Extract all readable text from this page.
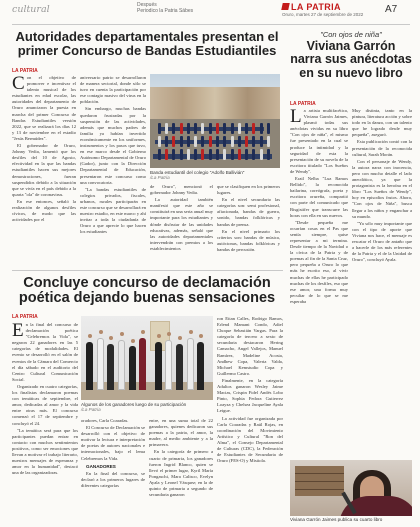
cultural	Después
Periodico la Patria Sábes	LA PATRIA
Oruro, martes 27 de septiembre de 2022 A7
Autoridades departamentales presentan el primer Concurso de Bandas Estudiantiles
LA PATRIA

Con el objetivo de promover e incentivar el talento musical de los estudiantes en edad escolar, las autoridades del departamento de Oruro anunciaron la puesta en marcha del primer Concurso de Bandas Estudiantiles versión 2022, que se realizará los días 12 y 13 de noviembre en el estadio "Jesús Bermúdez".

El gobernador de Oruro, Johnny Vedia, lamentó que los desfiles del 10 de Agosto, efectividad en la que las bandas estudiantiles hacen sus mejores demostraciones, fueran suspendidos debido a la situación que se vivía en el país debido a la quarta "ola" de coronavirus.

En ese entonces, señaló la realización de algunos desfiles cívicos, de modo que las actividades por el

aniversario patrio se desarrollaron de manera sectorial, donde sólo se tuvo en cuenta la participación por ese contagio masivo del virus en la población.

Sin embargo, muchas bandas quedaron frustradas por la suspensión de las actividades, además que muchos padres de familia ya habían invertido económicamente en los uniformes, instrumentos y los pasos que tuvo, en ese marco desde el Gobierno Autónomo Departamental de Oruro (Gador), junto con la Dirección Departamental de Educación, presentaron este concurso como una convocatoria.

"La bandas estudiantiles de colegios privados, fiscales, urbanos, rurales participarán en este concurso que se desarrollará en nuestro estadio, en este marco y ahí invitar a toda la ciudadanía de Oruro a que aprecie lo que hacen los estudiantes

Banda estudiantil del colegio "Adolfo Ballivián"
/La Patria

de Oruro", mencionó el gobernador Johnny Vedia.

La autoridad también manifestó que este año se constituirá en una seria anual muy importante para los estudiantes y dónde disfrutar de las unidades educativas, además, señaló que las autoridades departamentales intervendrán con premios a los establecimientos

que se clasifiquen en los primeros lugares.

En el nivel secundario las categorías son: semi profesional, afiacionada, bandas de guerra, sonido, bandas folklóricas y bandas de prensa.

En el nivel primario los criterios son: bandas de música, autóctonas, bandas folklóricas y bandas de percusión.

Concluye concurso de declamación poética dejando buenas sensaciones
LA PATRIA

En la final del concurso de declamación poética "Celebremos la Vida", se negaron 22 ganadores en las 5 categorías de modalidades. El evento se desarrolló en el salón de eventos de la Cámara del Comercio el día sábado en el auditorio del Centro Cultural Comunicación Social.

Organizado en cuatro categorías, los finalistas declamaron poemas con temáticas de septiembre, el amor, dedicadas al amor y la vida entre otras más. El concurso comenzó el 17 de septiembre y concluyó el 24.

"La temática será para que los participantes puedan entrar en contacto con muchos sentimientos positivos, como ser emociones que llevan a motivar el trabajo literario, nuestros mensajes de esperanza y amor en la humanidad", destacó una de las organizadoras.

Algunos de los ganadores luego de su participación
/La Patria

oradores, Carla Coaradas.

El Concurso de Declamación se desarrolló con el objetivo de motivar la lectura e interpretación de poetas de autores nacionales e internacionales, bajo el lema Celebremos la Vida.

GANADORES

En la final del concurso, se declaró a los primeros lugares de diferentes categorías

entre, en una suma total de 22 ganadores, quienes dedicaron sus poemas a la patria, el amor, la madre, al medio ambiente y a la primavera.

En la categoría de primero a cuarto de primaria, los ganadores fueron Ingrid Blanco, quien se llevó el primer lugar, Kyril María Pongaschi, Mara Calisco, Evelyn Ayala y Leonel Vásquez; en la de quinto de primaria a segundo de secundaria ganaron

ron Eitan Calles, Rodrigo Ramos, Erlend Mamani Condo, Adiel Choque Sebastián Vargas. Para la categoría de tercero a sexto de secundaria destacaron Hering Camacho, Angel Vallejos, Manuel Ramírez, Madeline Acosta, Andhew Copa, Valeria Valda, Michael Kemstudio Copa y Guillermo Castro.

Finalmente, en la categoría Adultos ganaron Wesley Jaime Macias, Crispin Fidel Andés Lobo Pinto, Sophia Fedora Gutierrez Loayza y Chelsea Jacqueline Ayala Leigue.

La actividad fue organizada por Carla Coaradas y Raúl Rojas, en coordinación del Movimiento Artístico y Cultural "Ron del Alma", el Consejo Departamental de Culturas (CDC), la Federación de Estudiantes de Secundaria de Oruro (FES-O) y Mistiola.

"Con ojos de niña"
Viviana Garrón narra sus anécdotas en su nuevo libro
LA PATRIA

La artista multifacética, Viviana Garrón Jaimes, plasmó todas sus anécdotas vividas en su libro "Con ojos de niña", el mismo fue presentado en la cual se produce la intimidad y la seguridad de esta la presentación de su novela de la escritora titulado "Los Sueños de Wendy".

Erail Nelba "Luz Ramos Bellido", la reconocida bailarina, coreógrafa, poeta y escritora orureña, compartió con parte del comunicado que Bisgistifer que transcurre las horas con ella en sus nuevos.

"Desde pequeña me ocurrían cosas en el Pas que sentía siempre, quise representar a mi termina. Desde tiempo de la Navidad o la cívica de la Patria y de poemas al fin de la Santa Cruz, pero pequeña a Oruro lo que más he escrito eso, al vivir muchas de ellas he participado muchas de los desfiles, eso que ese amor, una forma muy peculiar de lo que se me esperaba

Muy distinta, tanto en la pintura, literatura acción y sobre todo en la danza, con un talento que he logrado desde muy pequeña", aseguró.

Esta publicación contó con la presentación de la reconocida cultural, Sarah Morán.

Con el personaje de Wendy, la autora narra con inocencia, pero con mucho detalle el lado anecdótico, ya que la protagonista es la heroína en el libro "Los Sueños de Wendy", hoy en episodios frutos. Ahora, "Con ojos de Niña", busca llegar a los niños y enganchar a su mundo.

"Ya sólo muy importante que con el tipo de aporte que Viviana nos hace, el mensaje es rescatar el Oruro de antaño que a hacerle de los más referentes de la Patria y el de la Unidad de Oruro", concluyó Ayala.

Viviana Garrón Jaimes publica su cuarto libro
